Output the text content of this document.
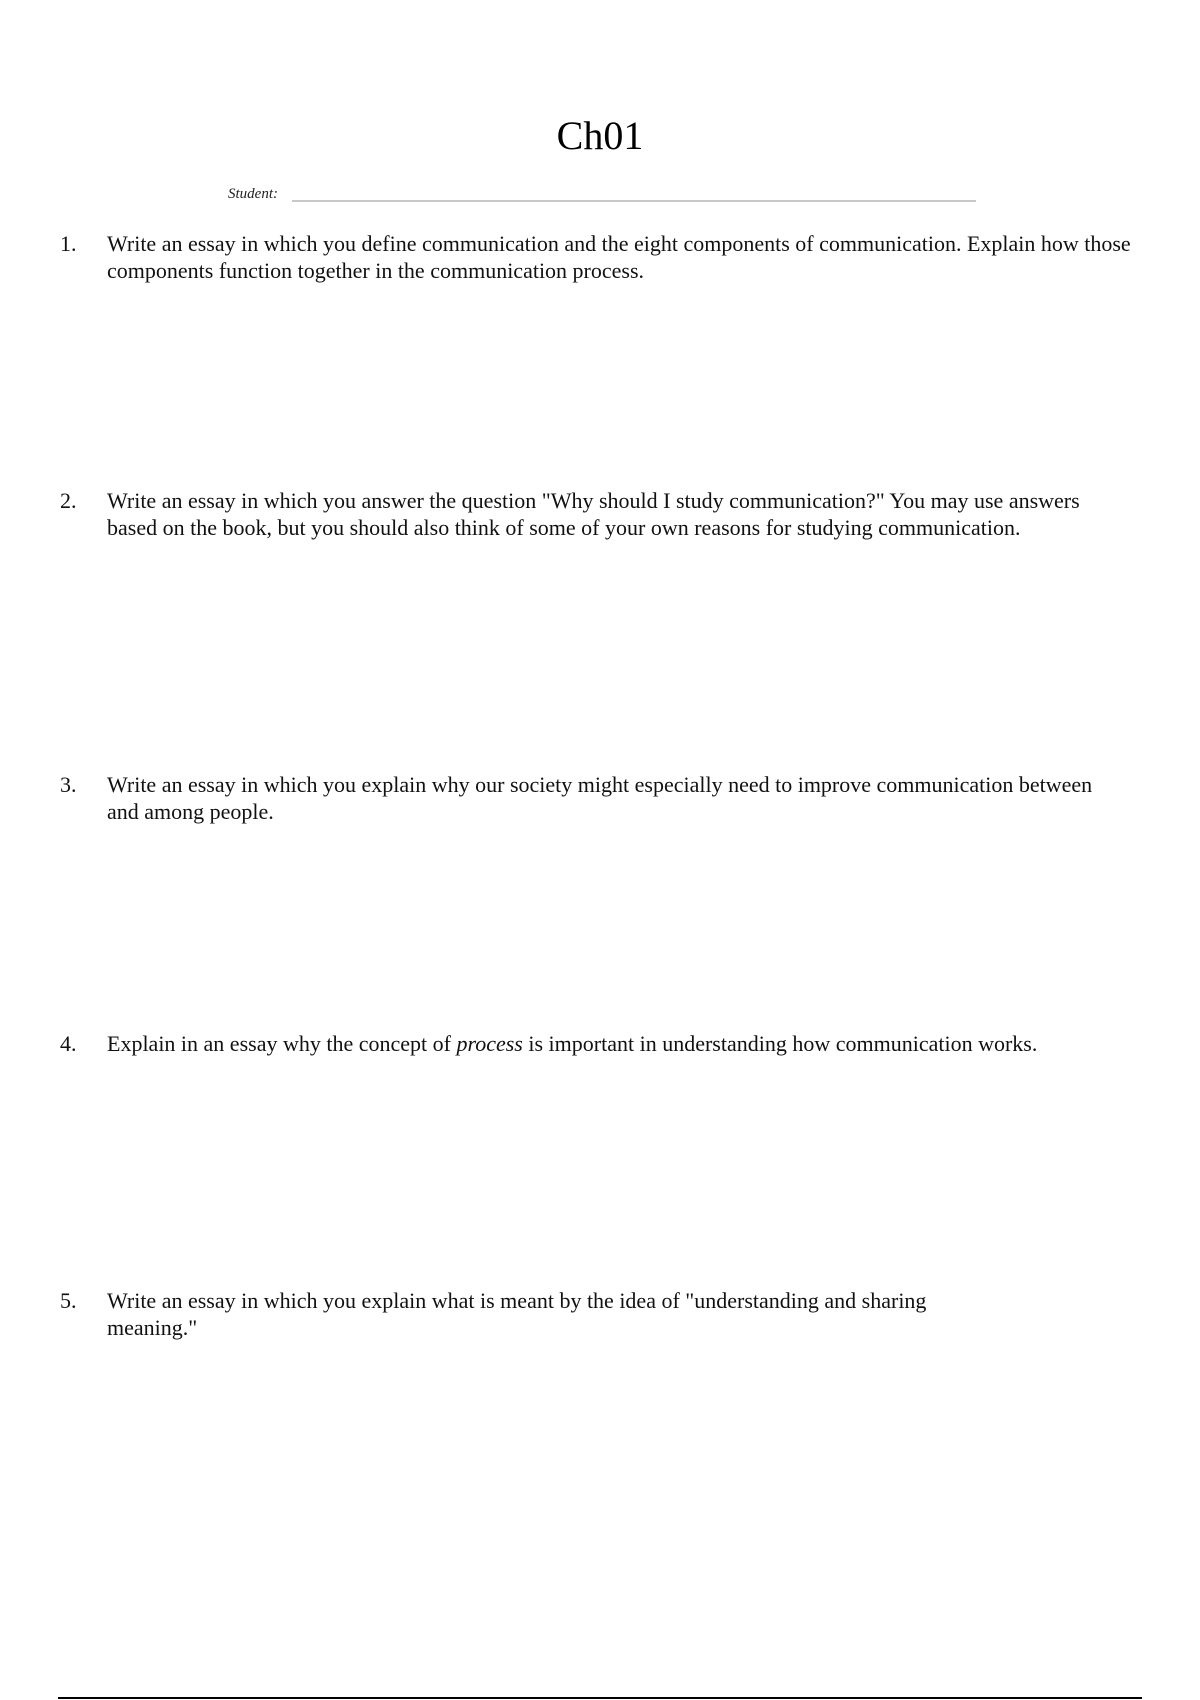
Ch01
Student:
1.	Write an essay in which you define communication and the eight components of communication. Explain how those components function together in the communication process.
2.	Write an essay in which you answer the question "Why should I study communication?" You may use answers based on the book, but you should also think of some of your own reasons for studying communication.
3.	Write an essay in which you explain why our society might especially need to improve communication between and among people.
4.	Explain in an essay why the concept of process is important in understanding how communication works.
5.	Write an essay in which you explain what is meant by the idea of "understanding and sharing meaning."
